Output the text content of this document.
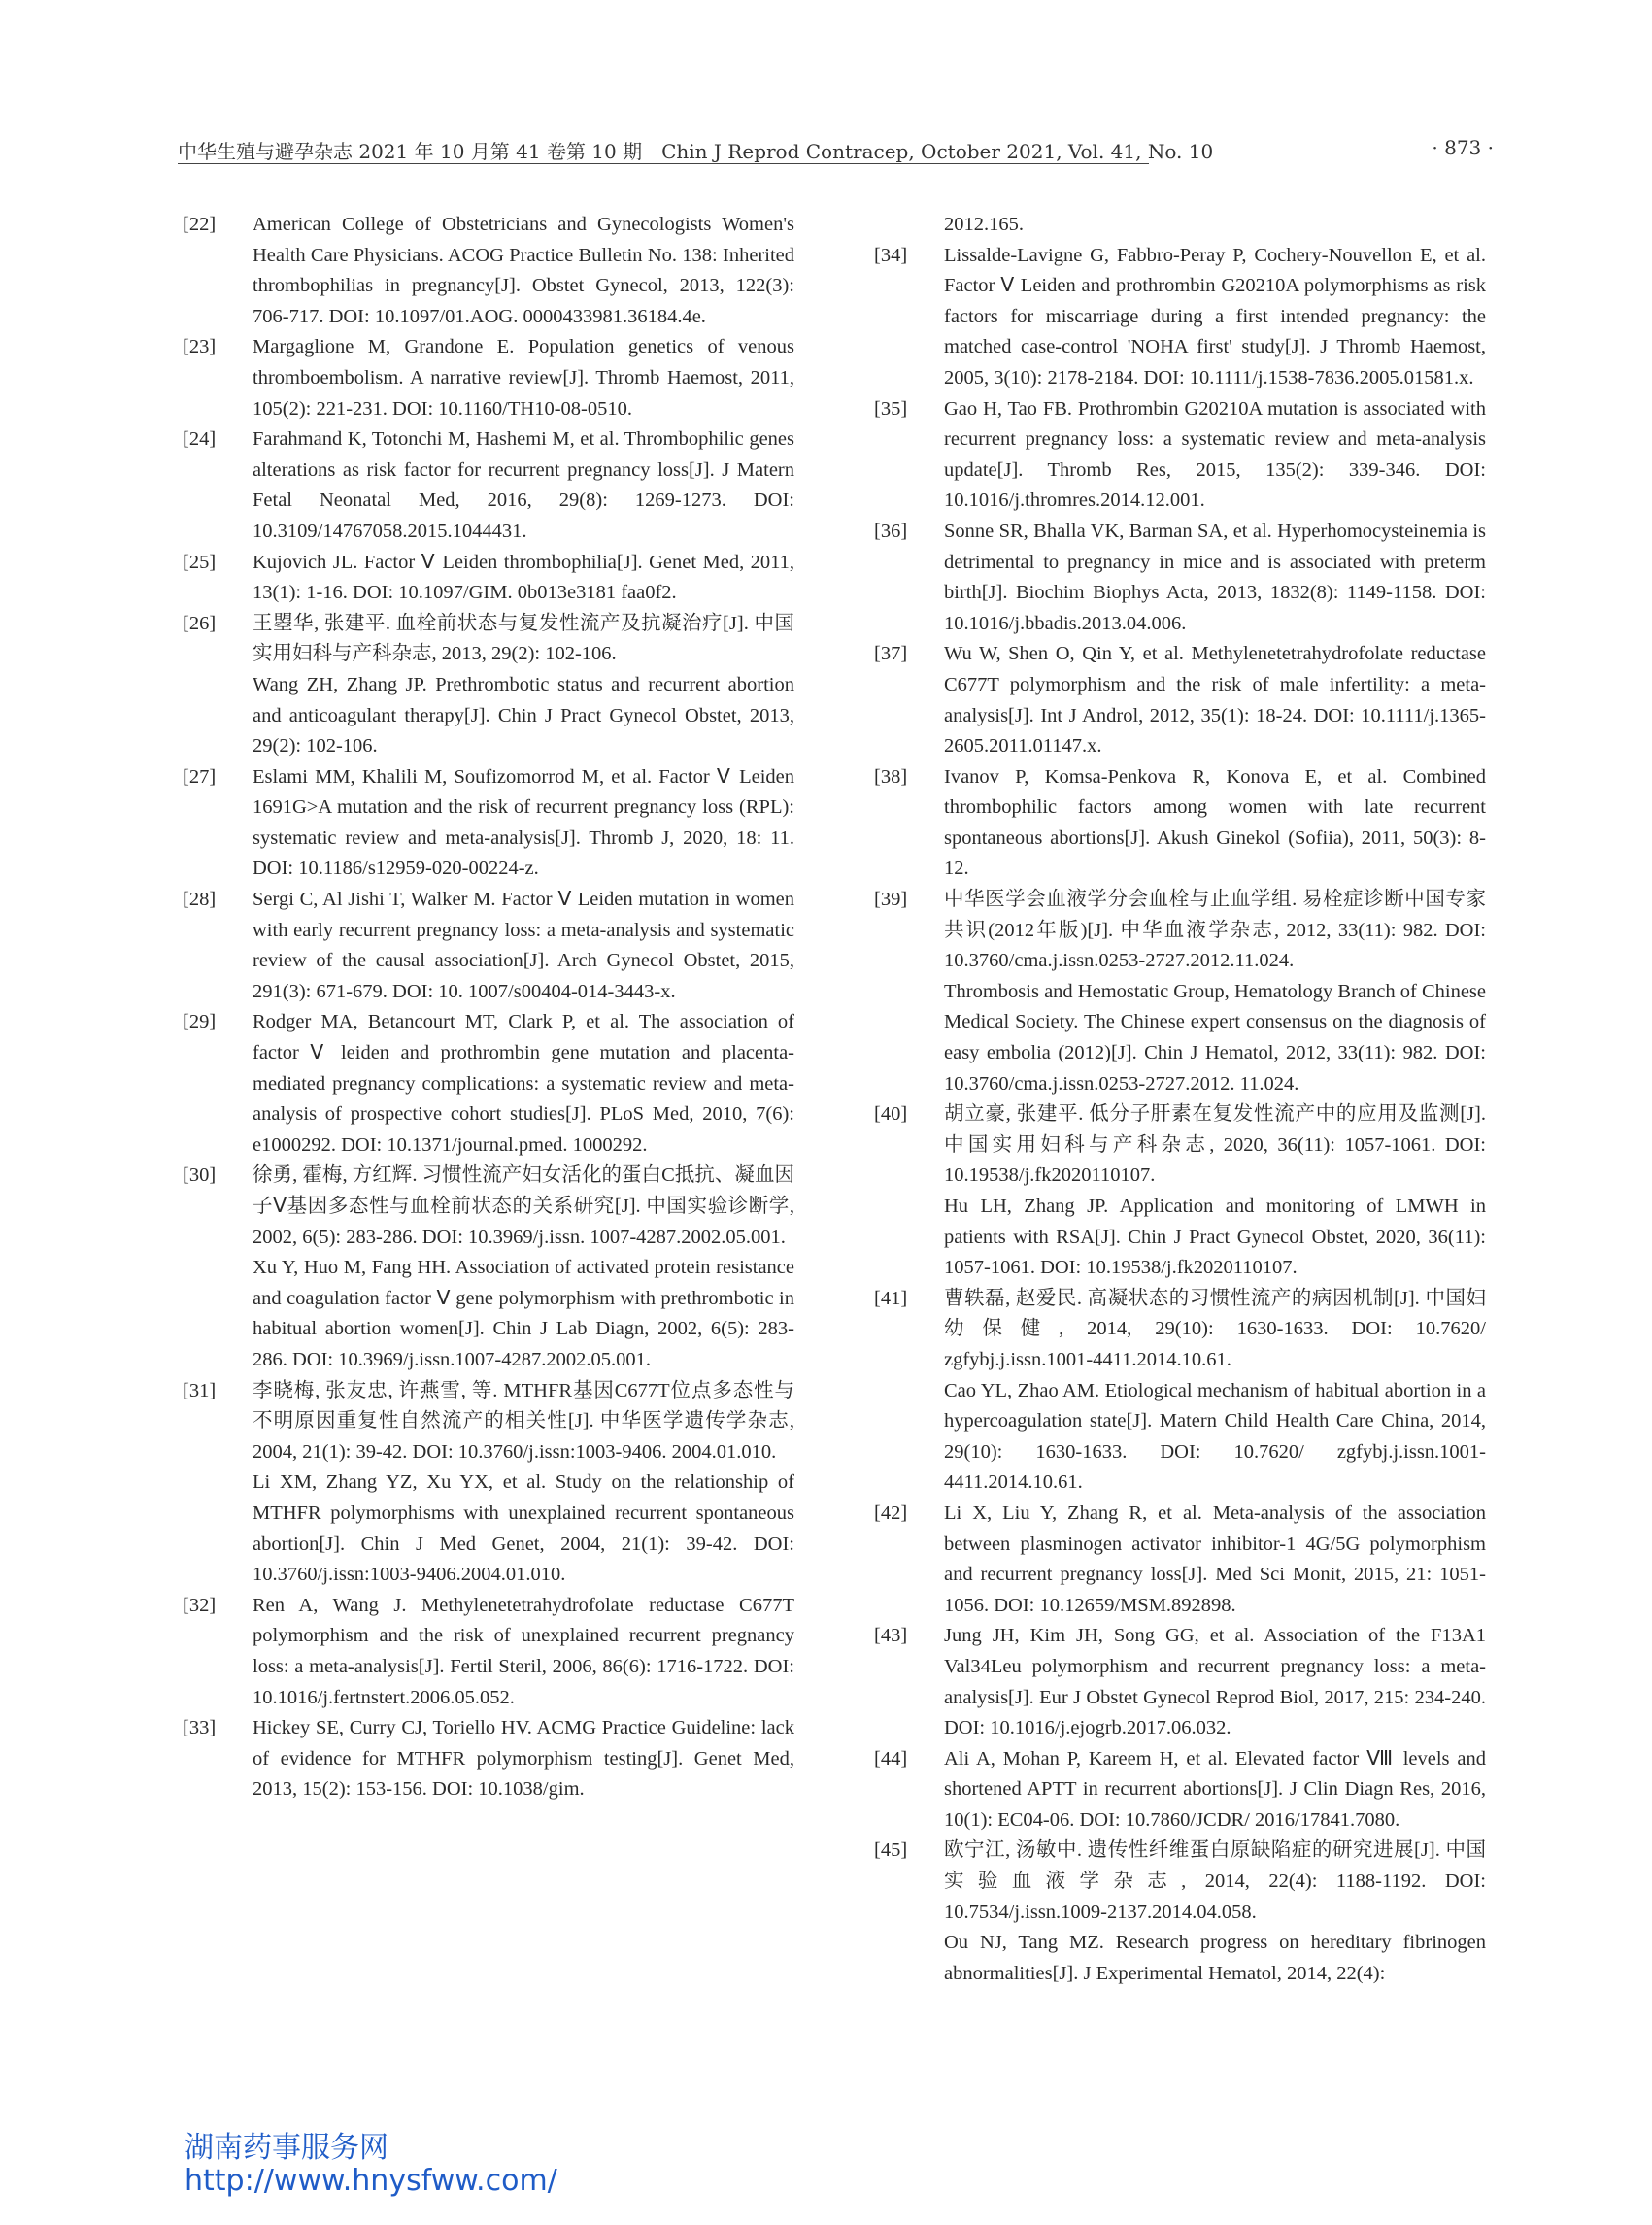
中华生殖与避孕杂志 2021 年 10 月第 41 卷第 10 期　Chin J Reprod Contracep, October 2021, Vol. 41, No. 10	· 873 ·
[22]	American College of Obstetricians and Gynecologists Women's Health Care Physicians. ACOG Practice Bulletin No. 138: Inherited thrombophilias in pregnancy[J]. Obstet Gynecol, 2013, 122(3): 706-717. DOI: 10.1097/01.AOG. 0000433981.36184.4e.
[23]	Margaglione M, Grandone E. Population genetics of venous thromboembolism. A narrative review[J]. Thromb Haemost, 2011, 105(2): 221-231. DOI: 10.1160/TH10-08-0510.
[24]	Farahmand K, Totonchi M, Hashemi M, et al. Thrombophilic genes alterations as risk factor for recurrent pregnancy loss[J]. J Matern Fetal Neonatal Med, 2016, 29(8): 1269-1273. DOI: 10.3109/14767058.2015.1044431.
[25]	Kujovich JL. Factor Ⅴ Leiden thrombophilia[J]. Genet Med, 2011, 13(1): 1-16. DOI: 10.1097/GIM. 0b013e3181 faa0f2.
[26]	王曌华, 张建平. 血栓前状态与复发性流产及抗凝治疗[J]. 中国实用妇科与产科杂志, 2013, 29(2): 102-106.
Wang ZH, Zhang JP. Prethrombotic status and recurrent abortion and anticoagulant therapy[J]. Chin J Pract Gynecol Obstet, 2013, 29(2): 102-106.
[27]	Eslami MM, Khalili M, Soufizomorrod M, et al. Factor Ⅴ Leiden 1691G>A mutation and the risk of recurrent pregnancy loss (RPL): systematic review and meta-analysis[J]. Thromb J, 2020, 18: 11. DOI: 10.1186/s12959-020-00224-z.
[28]	Sergi C, Al Jishi T, Walker M. Factor Ⅴ Leiden mutation in women with early recurrent pregnancy loss: a meta-analysis and systematic review of the causal association[J]. Arch Gynecol Obstet, 2015, 291(3): 671-679. DOI: 10. 1007/s00404-014-3443-x.
[29]	Rodger MA, Betancourt MT, Clark P, et al. The association of factor Ⅴ leiden and prothrombin gene mutation and placenta-mediated pregnancy complications: a systematic review and meta-analysis of prospective cohort studies[J]. PLoS Med, 2010, 7(6): e1000292. DOI: 10.1371/journal.pmed. 1000292.
[30]	徐勇, 霍梅, 方红辉. 习惯性流产妇女活化的蛋白C抵抗、凝血因子Ⅴ基因多态性与血栓前状态的关系研究[J]. 中国实验诊断学, 2002, 6(5): 283-286. DOI: 10.3969/j.issn. 1007-4287.2002.05.001.
Xu Y, Huo M, Fang HH. Association of activated protein resistance and coagulation factor Ⅴ gene polymorphism with prethrombotic in habitual abortion women[J]. Chin J Lab Diagn, 2002, 6(5): 283-286. DOI: 10.3969/j.issn.1007-4287.2002.05.001.
[31]	李晓梅, 张友忠, 许燕雪, 等. MTHFR基因C677T位点多态性与不明原因重复性自然流产的相关性[J]. 中华医学遗传学杂志, 2004, 21(1): 39-42. DOI: 10.3760/j.issn:1003-9406. 2004.01.010.
Li XM, Zhang YZ, Xu YX, et al. Study on the relationship of MTHFR polymorphisms with unexplained recurrent spontaneous abortion[J]. Chin J Med Genet, 2004, 21(1): 39-42. DOI: 10.3760/j.issn:1003-9406.2004.01.010.
[32]	Ren A, Wang J. Methylenetetrahydrofolate reductase C677T polymorphism and the risk of unexplained recurrent pregnancy loss: a meta-analysis[J]. Fertil Steril, 2006, 86(6): 1716-1722. DOI: 10.1016/j.fertnstert.2006.05.052.
[33]	Hickey SE, Curry CJ, Toriello HV. ACMG Practice Guideline: lack of evidence for MTHFR polymorphism testing[J]. Genet Med, 2013, 15(2): 153-156. DOI: 10.1038/gim.
2012.165.
[34]	Lissalde-Lavigne G, Fabbro-Peray P, Cochery-Nouvellon E, et al. Factor Ⅴ Leiden and prothrombin G20210A polymorphisms as risk factors for miscarriage during a first intended pregnancy: the matched case-control 'NOHA first' study[J]. J Thromb Haemost, 2005, 3(10): 2178-2184. DOI: 10.1111/j.1538-7836.2005.01581.x.
[35]	Gao H, Tao FB. Prothrombin G20210A mutation is associated with recurrent pregnancy loss: a systematic review and meta-analysis update[J]. Thromb Res, 2015, 135(2): 339-346. DOI: 10.1016/j.thromres.2014.12.001.
[36]	Sonne SR, Bhalla VK, Barman SA, et al. Hyperhomocysteinemia is detrimental to pregnancy in mice and is associated with preterm birth[J]. Biochim Biophys Acta, 2013, 1832(8): 1149-1158. DOI: 10.1016/j.bbadis.2013.04.006.
[37]	Wu W, Shen O, Qin Y, et al. Methylenetetrahydrofolate reductase C677T polymorphism and the risk of male infertility: a meta-analysis[J]. Int J Androl, 2012, 35(1): 18-24. DOI: 10.1111/j.1365-2605.2011.01147.x.
[38]	Ivanov P, Komsa-Penkova R, Konova E, et al. Combined thrombophilic factors among women with late recurrent spontaneous abortions[J]. Akush Ginekol (Sofiia), 2011, 50(3): 8-12.
[39]	中华医学会血液学分会血栓与止血学组. 易栓症诊断中国专家共识(2012年版)[J]. 中华血液学杂志, 2012, 33(11): 982. DOI: 10.3760/cma.j.issn.0253-2727.2012.11.024.
Thrombosis and Hemostatic Group, Hematology Branch of Chinese Medical Society. The Chinese expert consensus on the diagnosis of easy embolia (2012)[J]. Chin J Hematol, 2012, 33(11): 982. DOI: 10.3760/cma.j.issn.0253-2727.2012. 11.024.
[40]	胡立豪, 张建平. 低分子肝素在复发性流产中的应用及监测[J]. 中国实用妇科与产科杂志, 2020, 36(11): 1057-1061. DOI: 10.19538/j.fk2020110107.
Hu LH, Zhang JP. Application and monitoring of LMWH in patients with RSA[J]. Chin J Pract Gynecol Obstet, 2020, 36(11): 1057-1061. DOI: 10.19538/j.fk2020110107.
[41]	曹轶磊, 赵爱民. 高凝状态的习惯性流产的病因机制[J]. 中国妇幼保健, 2014, 29(10): 1630-1633. DOI: 10.7620/ zgfybj.j.issn.1001-4411.2014.10.61.
Cao YL, Zhao AM. Etiological mechanism of habitual abortion in a hypercoagulation state[J]. Matern Child Health Care China, 2014, 29(10): 1630-1633. DOI: 10.7620/ zgfybj.j.issn.1001-4411.2014.10.61.
[42]	Li X, Liu Y, Zhang R, et al. Meta-analysis of the association between plasminogen activator inhibitor-1 4G/5G polymorphism and recurrent pregnancy loss[J]. Med Sci Monit, 2015, 21: 1051-1056. DOI: 10.12659/MSM.892898.
[43]	Jung JH, Kim JH, Song GG, et al. Association of the F13A1 Val34Leu polymorphism and recurrent pregnancy loss: a meta-analysis[J]. Eur J Obstet Gynecol Reprod Biol, 2017, 215: 234-240. DOI: 10.1016/j.ejogrb.2017.06.032.
[44]	Ali A, Mohan P, Kareem H, et al. Elevated factor Ⅷ levels and shortened APTT in recurrent abortions[J]. J Clin Diagn Res, 2016, 10(1): EC04-06. DOI: 10.7860/JCDR/ 2016/17841.7080.
[45]	欧宁江, 汤敏中. 遗传性纤维蛋白原缺陷症的研究进展[J]. 中国实验血液学杂志, 2014, 22(4): 1188-1192. DOI: 10.7534/j.issn.1009-2137.2014.04.058.
Ou NJ, Tang MZ. Research progress on hereditary fibrinogen abnormalities[J]. J Experimental Hematol, 2014, 22(4):
湖南药事服务网
http://www.hnysfww.com/
